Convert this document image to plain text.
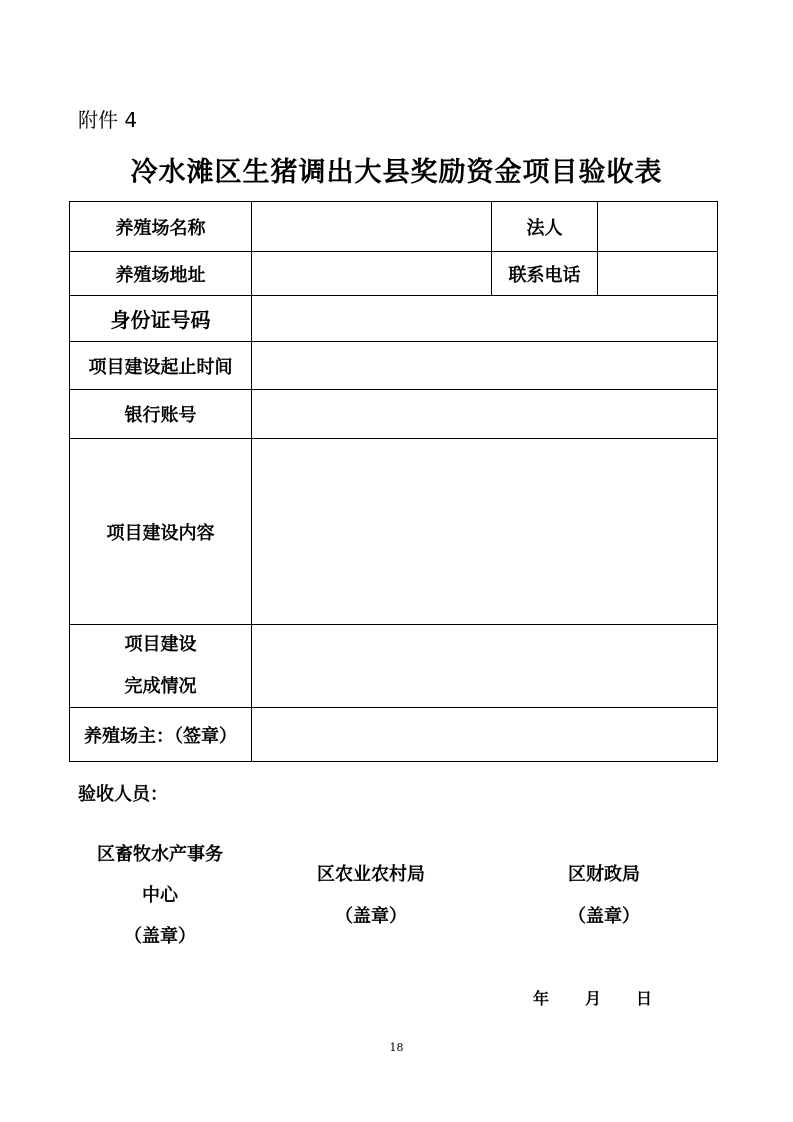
附件 4
冷水滩区生猪调出大县奖励资金项目验收表
养殖场名称	法人
养殖场地址	联系电话
身份证号码
项目建设起止时间
银行账号
项目建设内容
项目建设
完成情况
养殖场主：（签章）
验收人员：
区畜牧水产事务
中心
（盖章）
区农业农村局
（盖章）
区财政局
（盖章）
年 月 日
18
